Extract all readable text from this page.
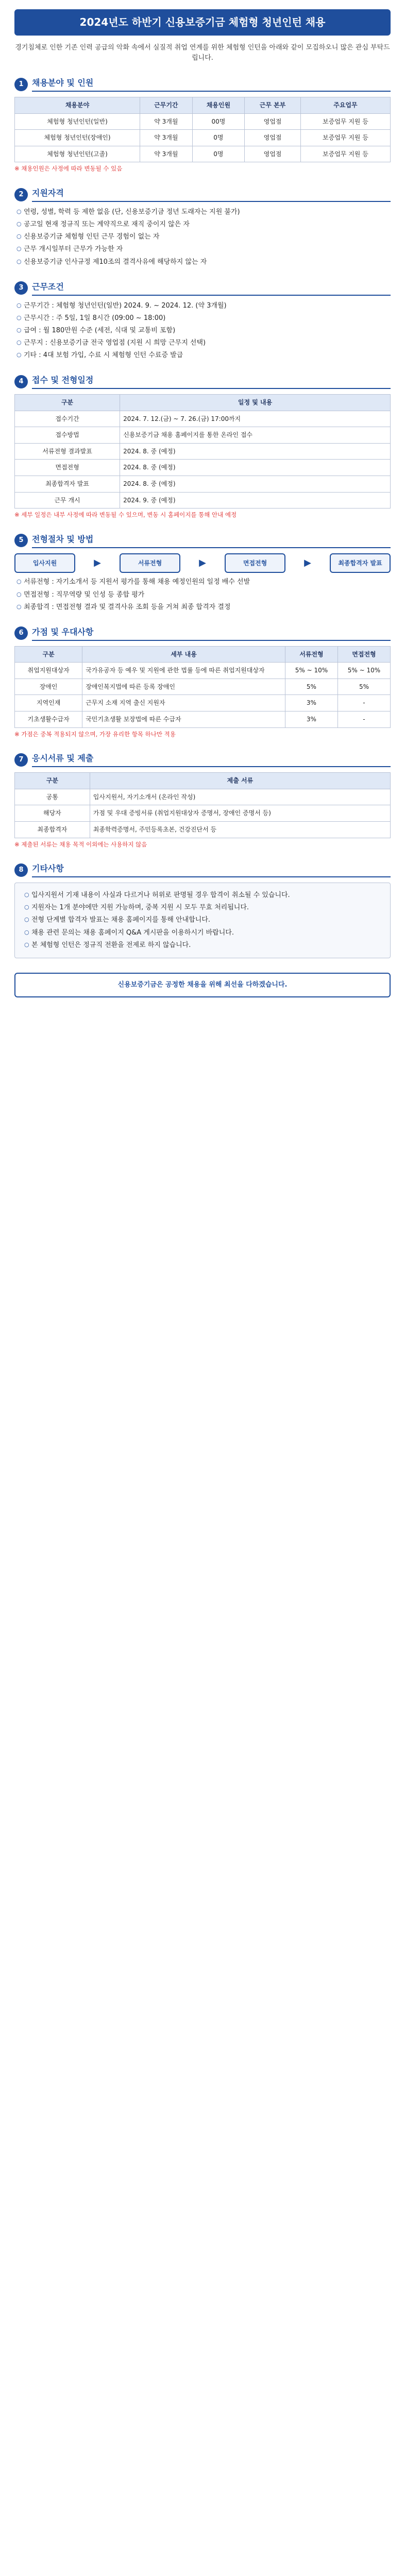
2024년도 하반기 신용보증기금 체험형 청년인턴 채용

경기침체로 인한 기존 인력 공급의 악화 속에서 실질적 취업 연계를 위한 체험형 인턴을 아래와 같이 모집하오니 많은 관심 부탁드립니다.

1	채용분야 및 인원
채용분야	근무기간	채용인원	근무 본부	주요업무
체험형 청년인턴(일반)	약 3개월	00명	영업점	보증업무 지원 등
체험형 청년인턴(장애인)	약 3개월	0명	영업점	보증업무 지원 등
체험형 청년인턴(고졸)	약 3개월	0명	영업점	보증업무 지원 등

※ 채용인원은 사정에 따라 변동될 수 있음

2	지원자격
○ 연령, 성별, 학력 등 제한 없음 (단, 신용보증기금 정년 도래자는 지원 불가)
○ 공고일 현재 정규직 또는 계약직으로 재직 중이지 않은 자
○ 신용보증기금 체험형 인턴 근무 경험이 없는 자
○ 근무 개시일부터 근무가 가능한 자
○ 신용보증기금 인사규정 제10조의 결격사유에 해당하지 않는 자
3	근무조건
○ 근무기간 : 체험형 청년인턴(일반) 2024. 9. ~ 2024. 12. (약 3개월)
○ 근무시간 : 주 5일, 1일 8시간 (09:00 ~ 18:00)
○ 급여 : 월 180만원 수준 (세전, 식대 및 교통비 포함)
○ 근무지 : 신용보증기금 전국 영업점 (지원 시 희망 근무지 선택)
○ 기타 : 4대 보험 가입, 수료 시 체험형 인턴 수료증 발급
4	접수 및 전형일정
구분	일정 및 내용
접수기간	2024. 7. 12.(금) ~ 7. 26.(금) 17:00까지
접수방법	신용보증기금 채용 홈페이지를 통한 온라인 접수
서류전형 결과발표	2024. 8. 중 (예정)
면접전형	2024. 8. 중 (예정)
최종합격자 발표	2024. 8. 중 (예정)
근무 개시	2024. 9. 중 (예정)

※ 세부 일정은 내부 사정에 따라 변동될 수 있으며, 변동 시 홈페이지를 통해 안내 예정

5	전형절차 및 방법
입사지원	▶	서류전형	▶	면접전형	▶	최종합격자 발표
○ 서류전형 : 자기소개서 등 지원서 평가를 통해 채용 예정인원의 일정 배수 선발
○ 면접전형 : 직무역량 및 인성 등 종합 평가
○ 최종합격 : 면접전형 결과 및 결격사유 조회 등을 거쳐 최종 합격자 결정
6	가점 및 우대사항
구분	세부 내용	서류전형	면접전형
취업지원대상자	국가유공자 등 예우 및 지원에 관한 법률 등에 따른 취업지원대상자	5% ~ 10%	5% ~ 10%
장애인	장애인복지법에 따른 등록 장애인	5%	5%
지역인재	근무지 소재 지역 출신 지원자	3%	-
기초생활수급자	국민기초생활 보장법에 따른 수급자	3%	-

※ 가점은 중복 적용되지 않으며, 가장 유리한 항목 하나만 적용

7	응시서류 및 제출
구분	제출 서류
공통	입사지원서, 자기소개서 (온라인 작성)
해당자	가점 및 우대 증빙서류 (취업지원대상자 증명서, 장애인 증명서 등)
최종합격자	최종학력증명서, 주민등록초본, 건강진단서 등

※ 제출된 서류는 채용 목적 이외에는 사용하지 않음

8	기타사항
○ 입사지원서 기재 내용이 사실과 다르거나 허위로 판명될 경우 합격이 취소될 수 있습니다.
○ 지원자는 1개 분야에만 지원 가능하며, 중복 지원 시 모두 무효 처리됩니다.
○ 전형 단계별 합격자 발표는 채용 홈페이지를 통해 안내합니다.
○ 채용 관련 문의는 채용 홈페이지 Q&A 게시판을 이용하시기 바랍니다.
○ 본 체험형 인턴은 정규직 전환을 전제로 하지 않습니다.
신용보증기금은 공정한 채용을 위해 최선을 다하겠습니다.
